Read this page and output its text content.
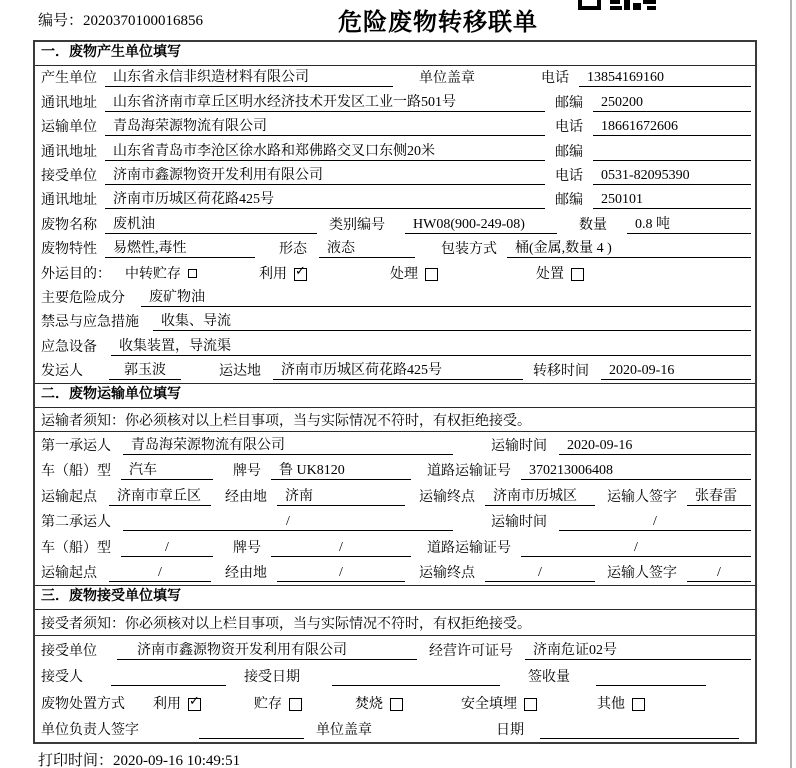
编号：2020370100016856	危险废物转移联单
一．废物产生单位填写
产生单位	山东省永信非织造材料有限公司	单位盖章	电话	13854169160
通讯地址	山东省济南市章丘区明水经济技术开发区工业一路501号	邮编	250200
运输单位	青岛海荣源物流有限公司	电话	18661672606
通讯地址	山东省青岛市李沧区徐水路和郑佛路交叉口东侧20米	邮编
接受单位	济南市鑫源物资开发利用有限公司	电话	0531-82095390
通讯地址	济南市历城区荷花路425号	邮编	250101
废物名称	废机油	类别编号	HW08(900-249-08)	数量	0.8 吨
废物特性	易燃性,毒性	形态	液态	包装方式	桶(金属,数量 4 )
外运目的： 中转贮存	利用 ✓	处理	处置
主要危险成分	废矿物油
禁忌与应急措施	收集、导流
应急设备	收集装置，导流渠
发运人	郭玉波	运达地	济南市历城区荷花路425号	转移时间	2020-09-16
二．废物运输单位填写
运输者须知：你必须核对以上栏目事项，当与实际情况不符时，有权拒绝接受。
第一承运人	青岛海荣源物流有限公司	运输时间	2020-09-16
车（船）型	汽车	牌号	鲁 UK8120	道路运输证号	370213006408
运输起点	济南市章丘区	经由地	济南	运输终点	济南市历城区	运输人签字	张春雷
第二承运人	/	运输时间	/
车（船）型	/	牌号	/	道路运输证号	/
运输起点	/	经由地	/	运输终点	/	运输人签字	/
三．废物接受单位填写
接受者须知：你必须核对以上栏目事项，当与实际情况不符时，有权拒绝接受。
接受单位	济南市鑫源物资开发利用有限公司	经营许可证号	济南危证02号
接受人	接受日期	签收量
废物处置方式 利用 ✓	贮存	焚烧	安全填埋	其他
单位负责人签字	单位盖章	日期
打印时间：2020-09-16 10:49:51
